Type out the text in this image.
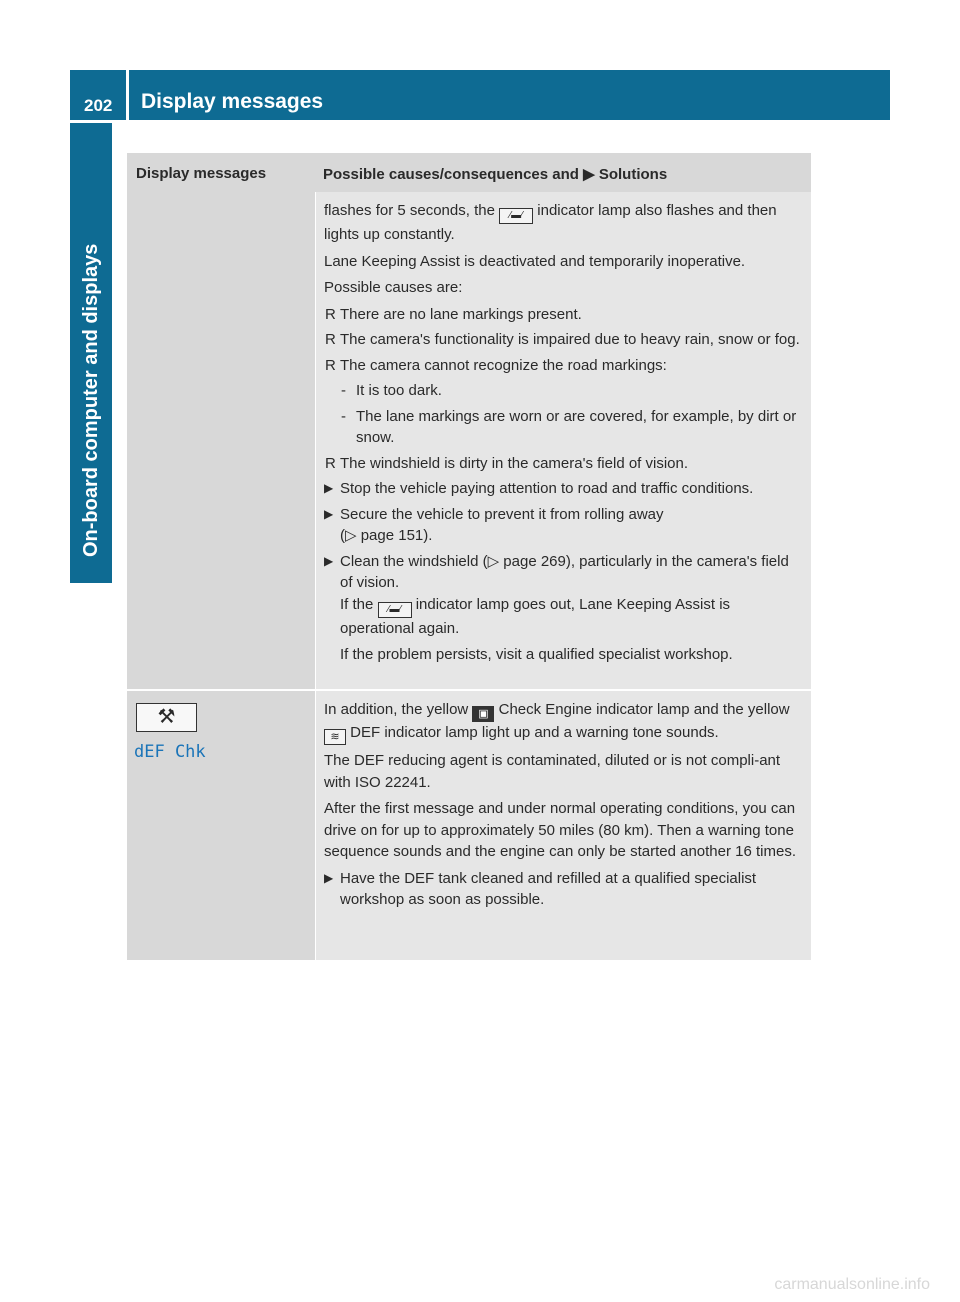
202 Display messages
On-board computer and displays
Display messages	Possible causes/consequences and ▶ Solutions

flashes for 5 seconds, the ⁄▬⁄ indicator lamp also flashes and then lights up constantly.

Lane Keeping Assist is deactivated and temporarily inoperative.

Possible causes are:

R There are no lane markings present.
R The camera's functionality is impaired due to heavy rain, snow or fog.
R The camera cannot recognize the road markings:
- It is too dark.
- The lane markings are worn or are covered, for example, by dirt or snow.
R The windshield is dirty in the camera's field of vision.
▶ Stop the vehicle paying attention to road and traffic conditions.
▶ Secure the vehicle to prevent it from rolling away
(▷ page 151).
▶ Clean the windshield (▷ page 269), particularly in the camera's field of vision.
If the ⁄▬⁄ indicator lamp goes out, Lane Keeping Assist is operational again.
If the problem persists, visit a qualified specialist workshop.
⚒
dEF Chk

In addition, the yellow ▣ Check Engine indicator lamp and the yellow ≋ DEF indicator lamp light up and a warning tone sounds.

The DEF reducing agent is contaminated, diluted or is not compli-ant with ISO 22241.

After the first message and under normal operating conditions, you can drive on for up to approximately 50 miles (80 km). Then a warning tone sequence sounds and the engine can only be started another 16 times.

▶ Have the DEF tank cleaned and refilled at a qualified specialist workshop as soon as possible.
carmanualsonline.info
